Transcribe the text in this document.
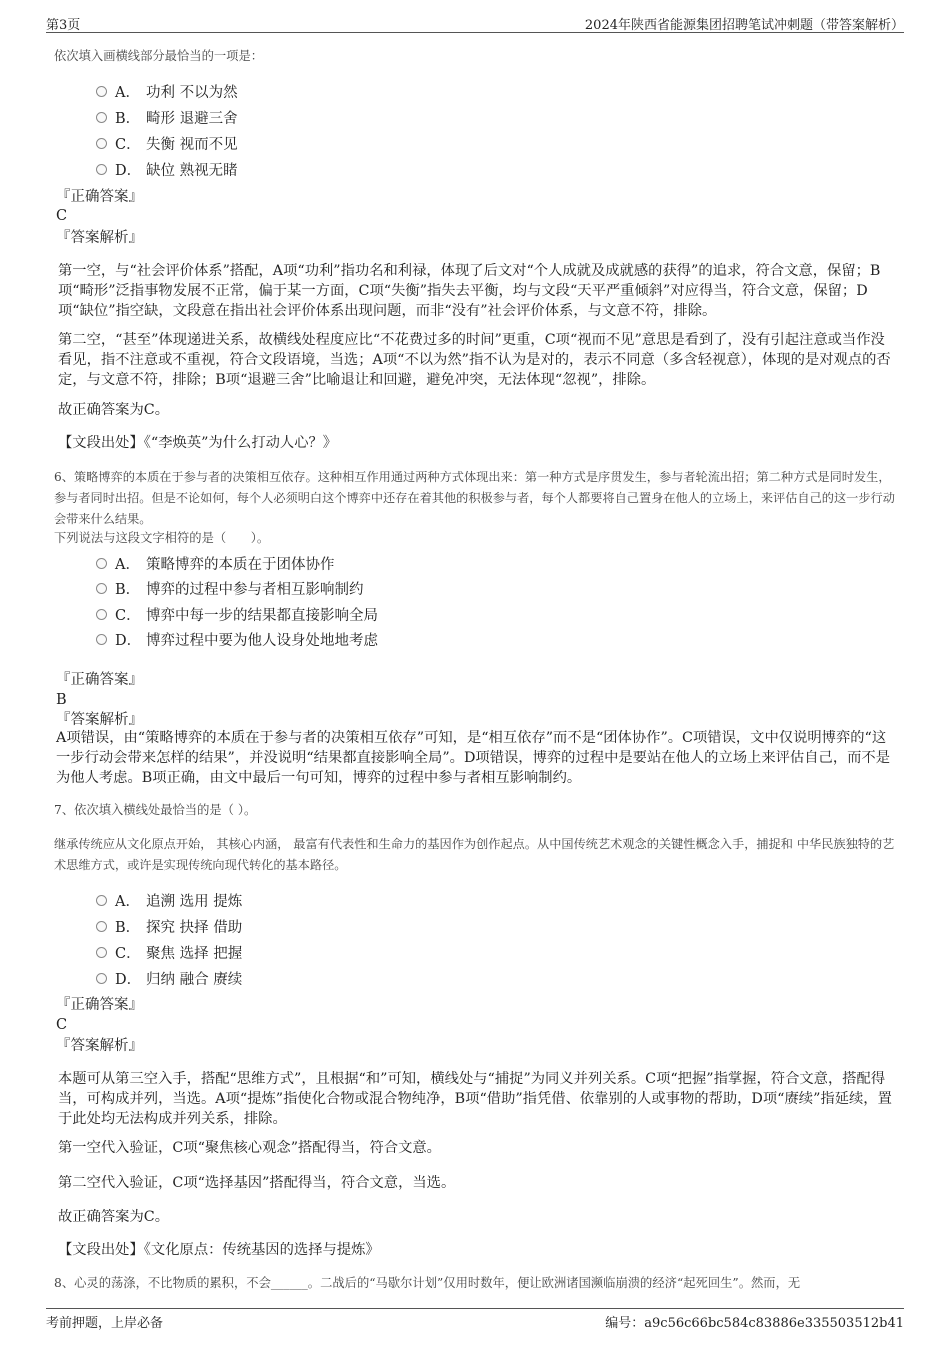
第3页	2024年陕西省能源集团招聘笔试冲刺题（带答案解析）
依次填入画横线部分最恰当的一项是：
A． 功利 不以为然
B． 畸形 退避三舍
C． 失衡 视而不见
D． 缺位 熟视无睹
『正确答案』
C
『答案解析』
第一空，与“社会评价体系”搭配，A项“功利”指功名和利禄，体现了后文对“个人成就及成就感的获得”的追求，符合文意，保留；B项“畸形”泛指事物发展不正常，偏于某一方面，C项“失衡”指失去平衡，均与文段“天平严重倾斜”对应得当，符合文意，保留；D项“缺位”指空缺，文段意在指出社会评价体系出现问题，而非“没有”社会评价体系，与文意不符，排除。
第二空，“甚至”体现递进关系，故横线处程度应比“不花费过多的时间”更重，C项“视而不见”意思是看到了，没有引起注意或当作没看见，指不注意或不重视，符合文段语境，当选；A项“不以为然”指不认为是对的，表示不同意（多含轻视意），体现的是对观点的否定，与文意不符，排除；B项“退避三舍”比喻退让和回避，避免冲突，无法体现“忽视”，排除。
故正确答案为C。
【文段出处】《“李焕英”为什么打动人心？》
6、策略博弈的本质在于参与者的决策相互依存。这种相互作用通过两种方式体现出来：第一种方式是序贯发生，参与者轮流出招；第二种方式是同时发生，参与者同时出招。但是不论如何，每个人必须明白这个博弈中还存在着其他的积极参与者，每个人都要将自己置身在他人的立场上，来评估自己的这一步行动会带来什么结果。
下列说法与这段文字相符的是（　　）。
A． 策略博弈的本质在于团体协作
B． 博弈的过程中参与者相互影响制约
C． 博弈中每一步的结果都直接影响全局
D． 博弈过程中要为他人设身处地地考虑
『正确答案』
B
『答案解析』
A项错误，由“策略博弈的本质在于参与者的决策相互依存”可知，是“相互依存”而不是“团体协作”。C项错误，文中仅说明博弈的“这一步行动会带来怎样的结果”，并没说明“结果都直接影响全局”。D项错误，博弈的过程中是要站在他人的立场上来评估自己，而不是为他人考虑。B项正确，由文中最后一句可知，博弈的过程中参与者相互影响制约。
7、依次填入横线处最恰当的是（ ）。
继承传统应从文化原点开始， 其核心内涵， 最富有代表性和生命力的基因作为创作起点。从中国传统艺术观念的关键性概念入手，捕捉和 中华民族独特的艺术思维方式，或许是实现传统向现代转化的基本路径。
A． 追溯 选用 提炼
B． 探究 抉择 借助
C． 聚焦 选择 把握
D． 归纳 融合 赓续
『正确答案』
C
『答案解析』
本题可从第三空入手，搭配“思维方式”，且根据“和”可知，横线处与“捕捉”为同义并列关系。C项“把握”指掌握，符合文意，搭配得当，可构成并列，当选。A项“提炼”指使化合物或混合物纯净，B项“借助”指凭借、依靠别的人或事物的帮助，D项“赓续”指延续，置于此处均无法构成并列关系，排除。
第一空代入验证，C项“聚焦核心观念”搭配得当，符合文意。
第二空代入验证，C项“选择基因”搭配得当，符合文意，当选。
故正确答案为C。
【文段出处】《文化原点：传统基因的选择与提炼》
8、心灵的荡涤，不比物质的累积，不会______。二战后的“马歇尔计划”仅用时数年，便让欧洲诸国濒临崩溃的经济“起死回生”。然而，无
考前押题，上岸必备	编号：a9c56c66bc584c83886e335503512b41
